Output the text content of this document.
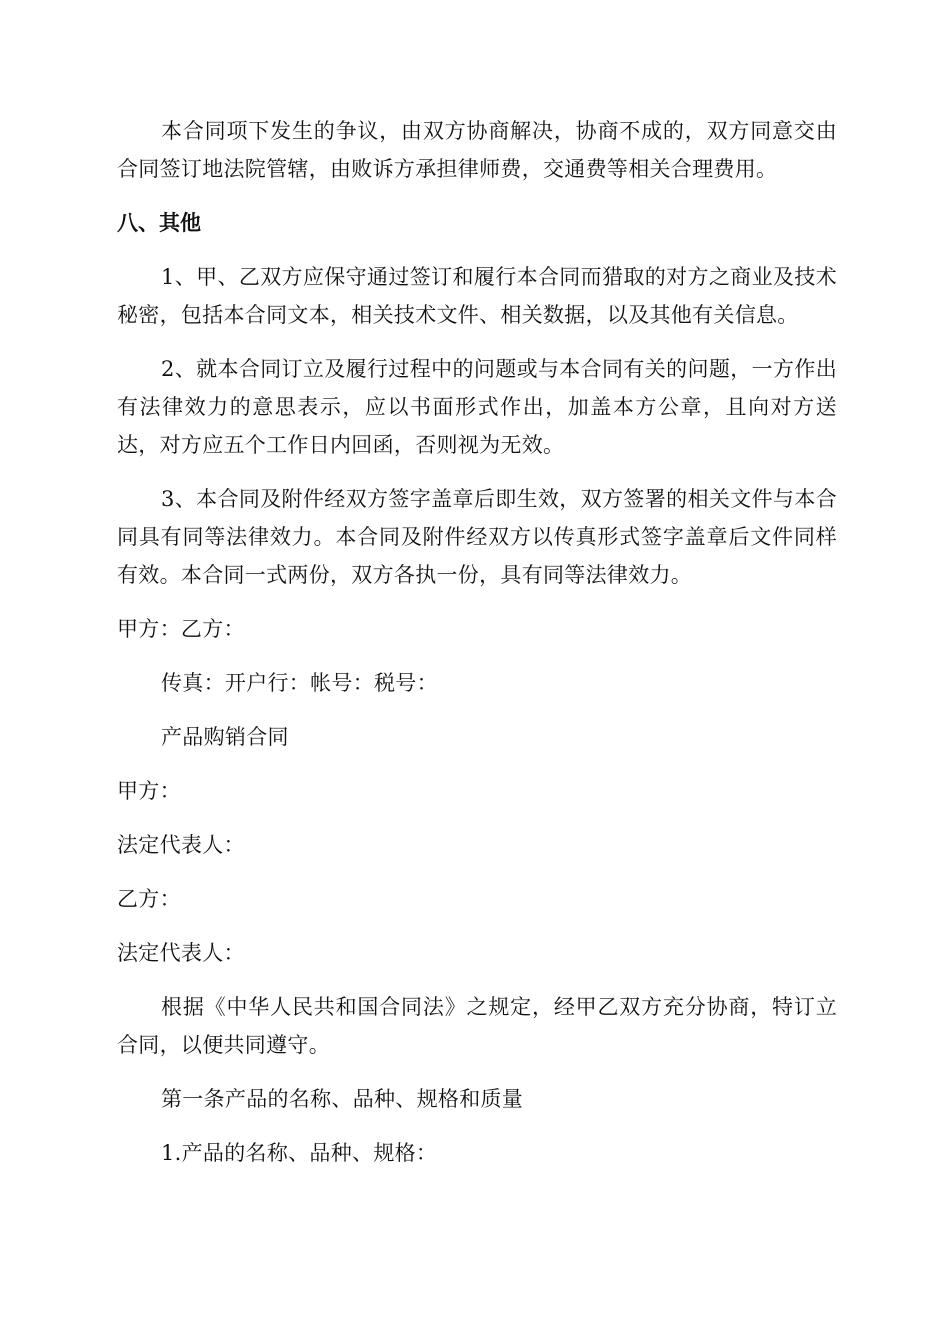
本合同项下发生的争议，由双方协商解决，协商不成的，双方同意交由合同签订地法院管辖，由败诉方承担律师费，交通费等相关合理费用。

八、其他

1、甲、乙双方应保守通过签订和履行本合同而猎取的对方之商业及技术秘密，包括本合同文本，相关技术文件、相关数据，以及其他有关信息。

2、就本合同订立及履行过程中的问题或与本合同有关的问题，一方作出有法律效力的意思表示，应以书面形式作出，加盖本方公章，且向对方送达，对方应五个工作日内回函，否则视为无效。

3、本合同及附件经双方签字盖章后即生效，双方签署的相关文件与本合同具有同等法律效力。本合同及附件经双方以传真形式签字盖章后文件同样有效。本合同一式两份，双方各执一份，具有同等法律效力。

甲方：乙方：

传真：开户行：帐号：税号：

产品购销合同

甲方：

法定代表人：

乙方：

法定代表人：

根据《中华人民共和国合同法》之规定，经甲乙双方充分协商，特订立合同，以便共同遵守。

第一条产品的名称、品种、规格和质量

1.产品的名称、品种、规格：
